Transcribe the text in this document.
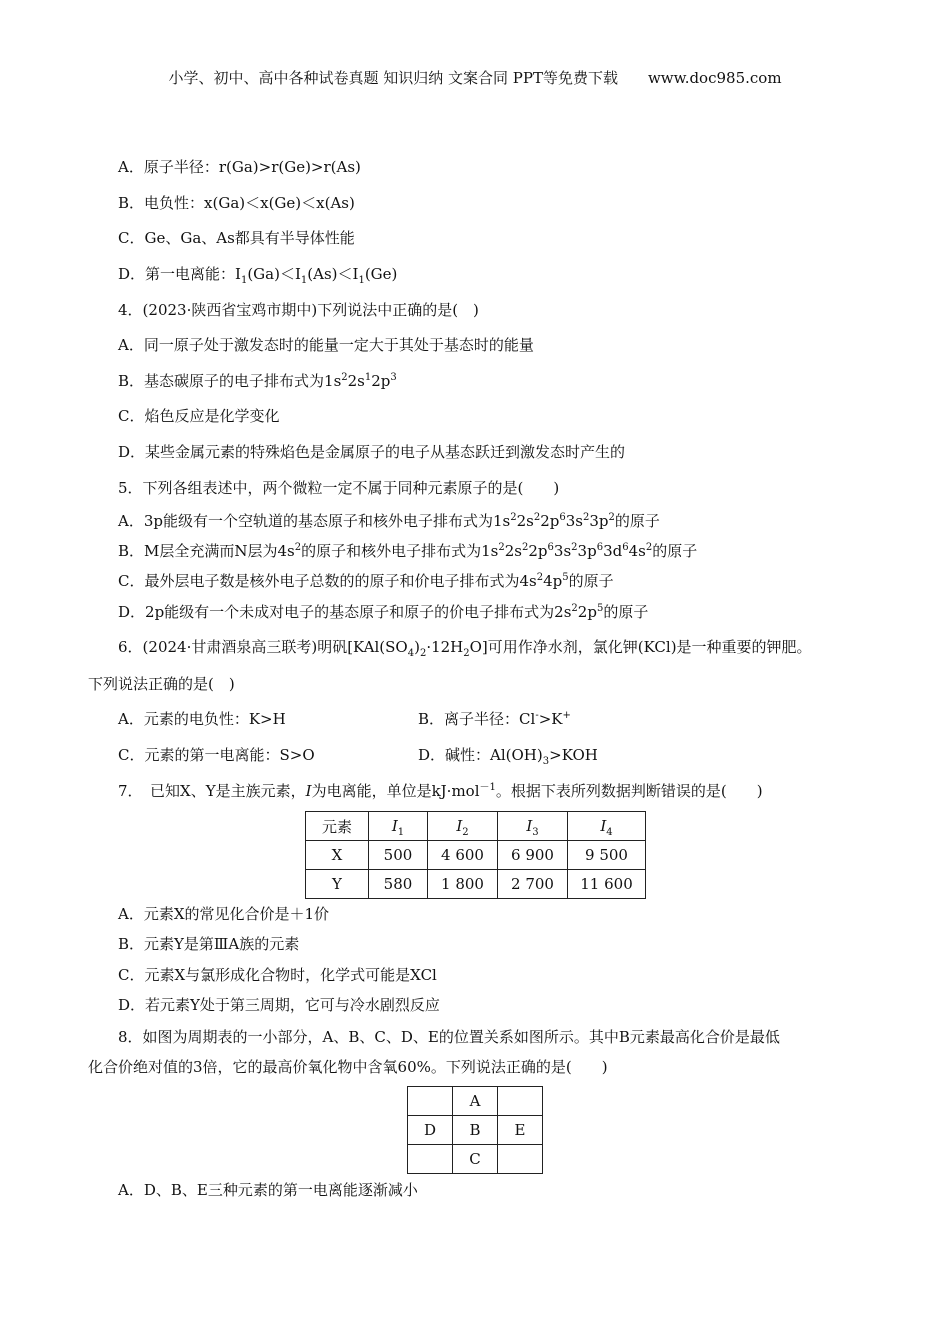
小学、初中、高中各种试卷真题 知识归纳 文案合同 PPT等免费下载　　www.doc985.com
A．原子半径：r(Ga)>r(Ge)>r(As)
B．电负性：x(Ga)＜x(Ge)＜x(As)
C．Ge、Ga、As都具有半导体性能
D．第一电离能：$I_1(Ga)<I_1(As)<I_1(Ge)$
4．(2023·陕西省宝鸡市期中)下列说法中正确的是(　)
A．同一原子处于激发态时的能量一定大于其处于基态时的能量
B．基态碳原子的电子排布式为$1s^22s^12p^3$
C．焰色反应是化学变化
D．某些金属元素的特殊焰色是金属原子的电子从基态跃迁到激发态时产生的
5．下列各组表述中，两个微粒一定不属于同种元素原子的是(　　)
A．3p能级有一个空轨道的基态原子和核外电子排布式为$1s^22s^22p^63s^23p^2$的原子
B．M层全充满而N层为$4s^2$的原子和核外电子排布式为$1s^22s^22p^63s^23p^63d^64s^2$的原子
C．最外层电子数是核外电子总数的的原子和价电子排布式为$4s^24p^5$的原子
D．2p能级有一个未成对电子的基态原子和原子的价电子排布式为$2s^22p^5$的原子
6．(2024·甘肃酒泉高三联考)明矾$[KAl(SO_4)_2\cdot 12H_2O]$可用作净水剂，氯化钾(KCl)是一种重要的钾肥。
下列说法正确的是(　)
A．元素的电负性：K>H	B．离子半径：Cl->K+
C．元素的第一电离能：S>O	D．碱性：$Al(OH)_3>KOH$
7．　已知X、Y是主族元素，I为电离能，单位是kJ·mol$^{-1}$。根据下表所列数据判断错误的是(　　)
元素	$I_1$	$I_2$	$I_3$	$I_4$
X	500	4 600	6 900	9 500
Y	580	1 800	2 700	11 600
A．元素X的常见化合价是＋1价
B．元素Y是第ⅢA族的元素
C．元素X与氯形成化合物时，化学式可能是XCl
D．若元素Y处于第三周期，它可与冷水剧烈反应
8．如图为周期表的一小部分，A、B、C、D、E的位置关系如图所示。其中B元素最高化合价是最低
化合价绝对值的3倍，它的最高价氧化物中含氧60%。下列说法正确的是(　　)
	A	
D	B	E
	C	
A．D、B、E三种元素的第一电离能逐渐减小
